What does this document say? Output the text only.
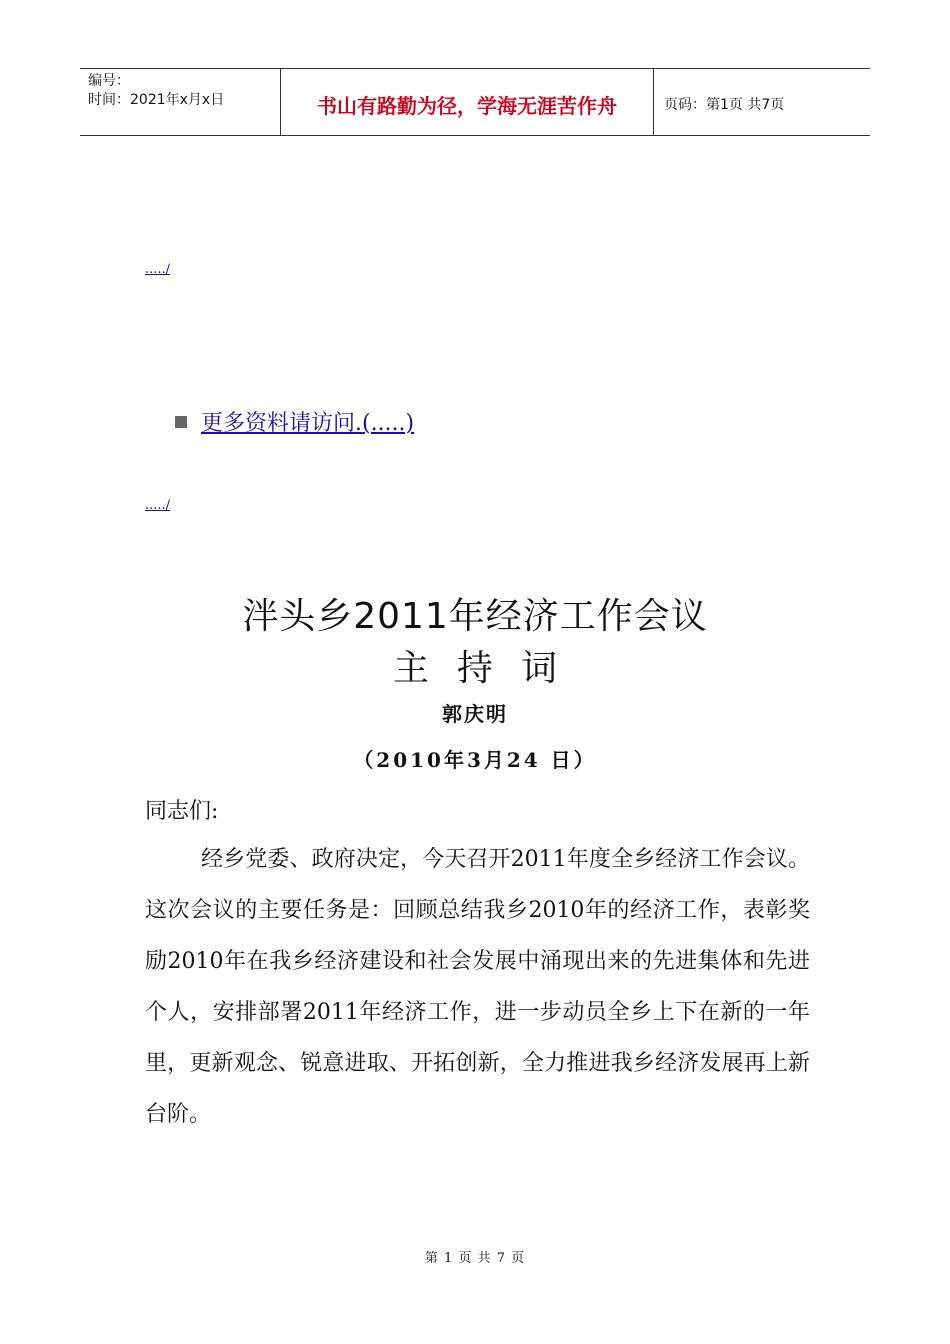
编号：
时间：2021年x月x日	书山有路勤为径，学海无涯苦作舟	页码：第1页 共7页
...../
更多资料请访问.(.....)
...../
泮头乡2011年经济工作会议
主持词
郭庆明
（2010年3月24 日）
同志们:
经乡党委、政府决定，今天召开2011年度全乡经济工作会议。这次会议的主要任务是：回顾总结我乡2010年的经济工作，表彰奖励2010年在我乡经济建设和社会发展中涌现出来的先进集体和先进个人，安排部署2011年经济工作，进一步动员全乡上下在新的一年里，更新观念、锐意进取、开拓创新，全力推进我乡经济发展再上新台阶。
第 1 页 共 7 页
